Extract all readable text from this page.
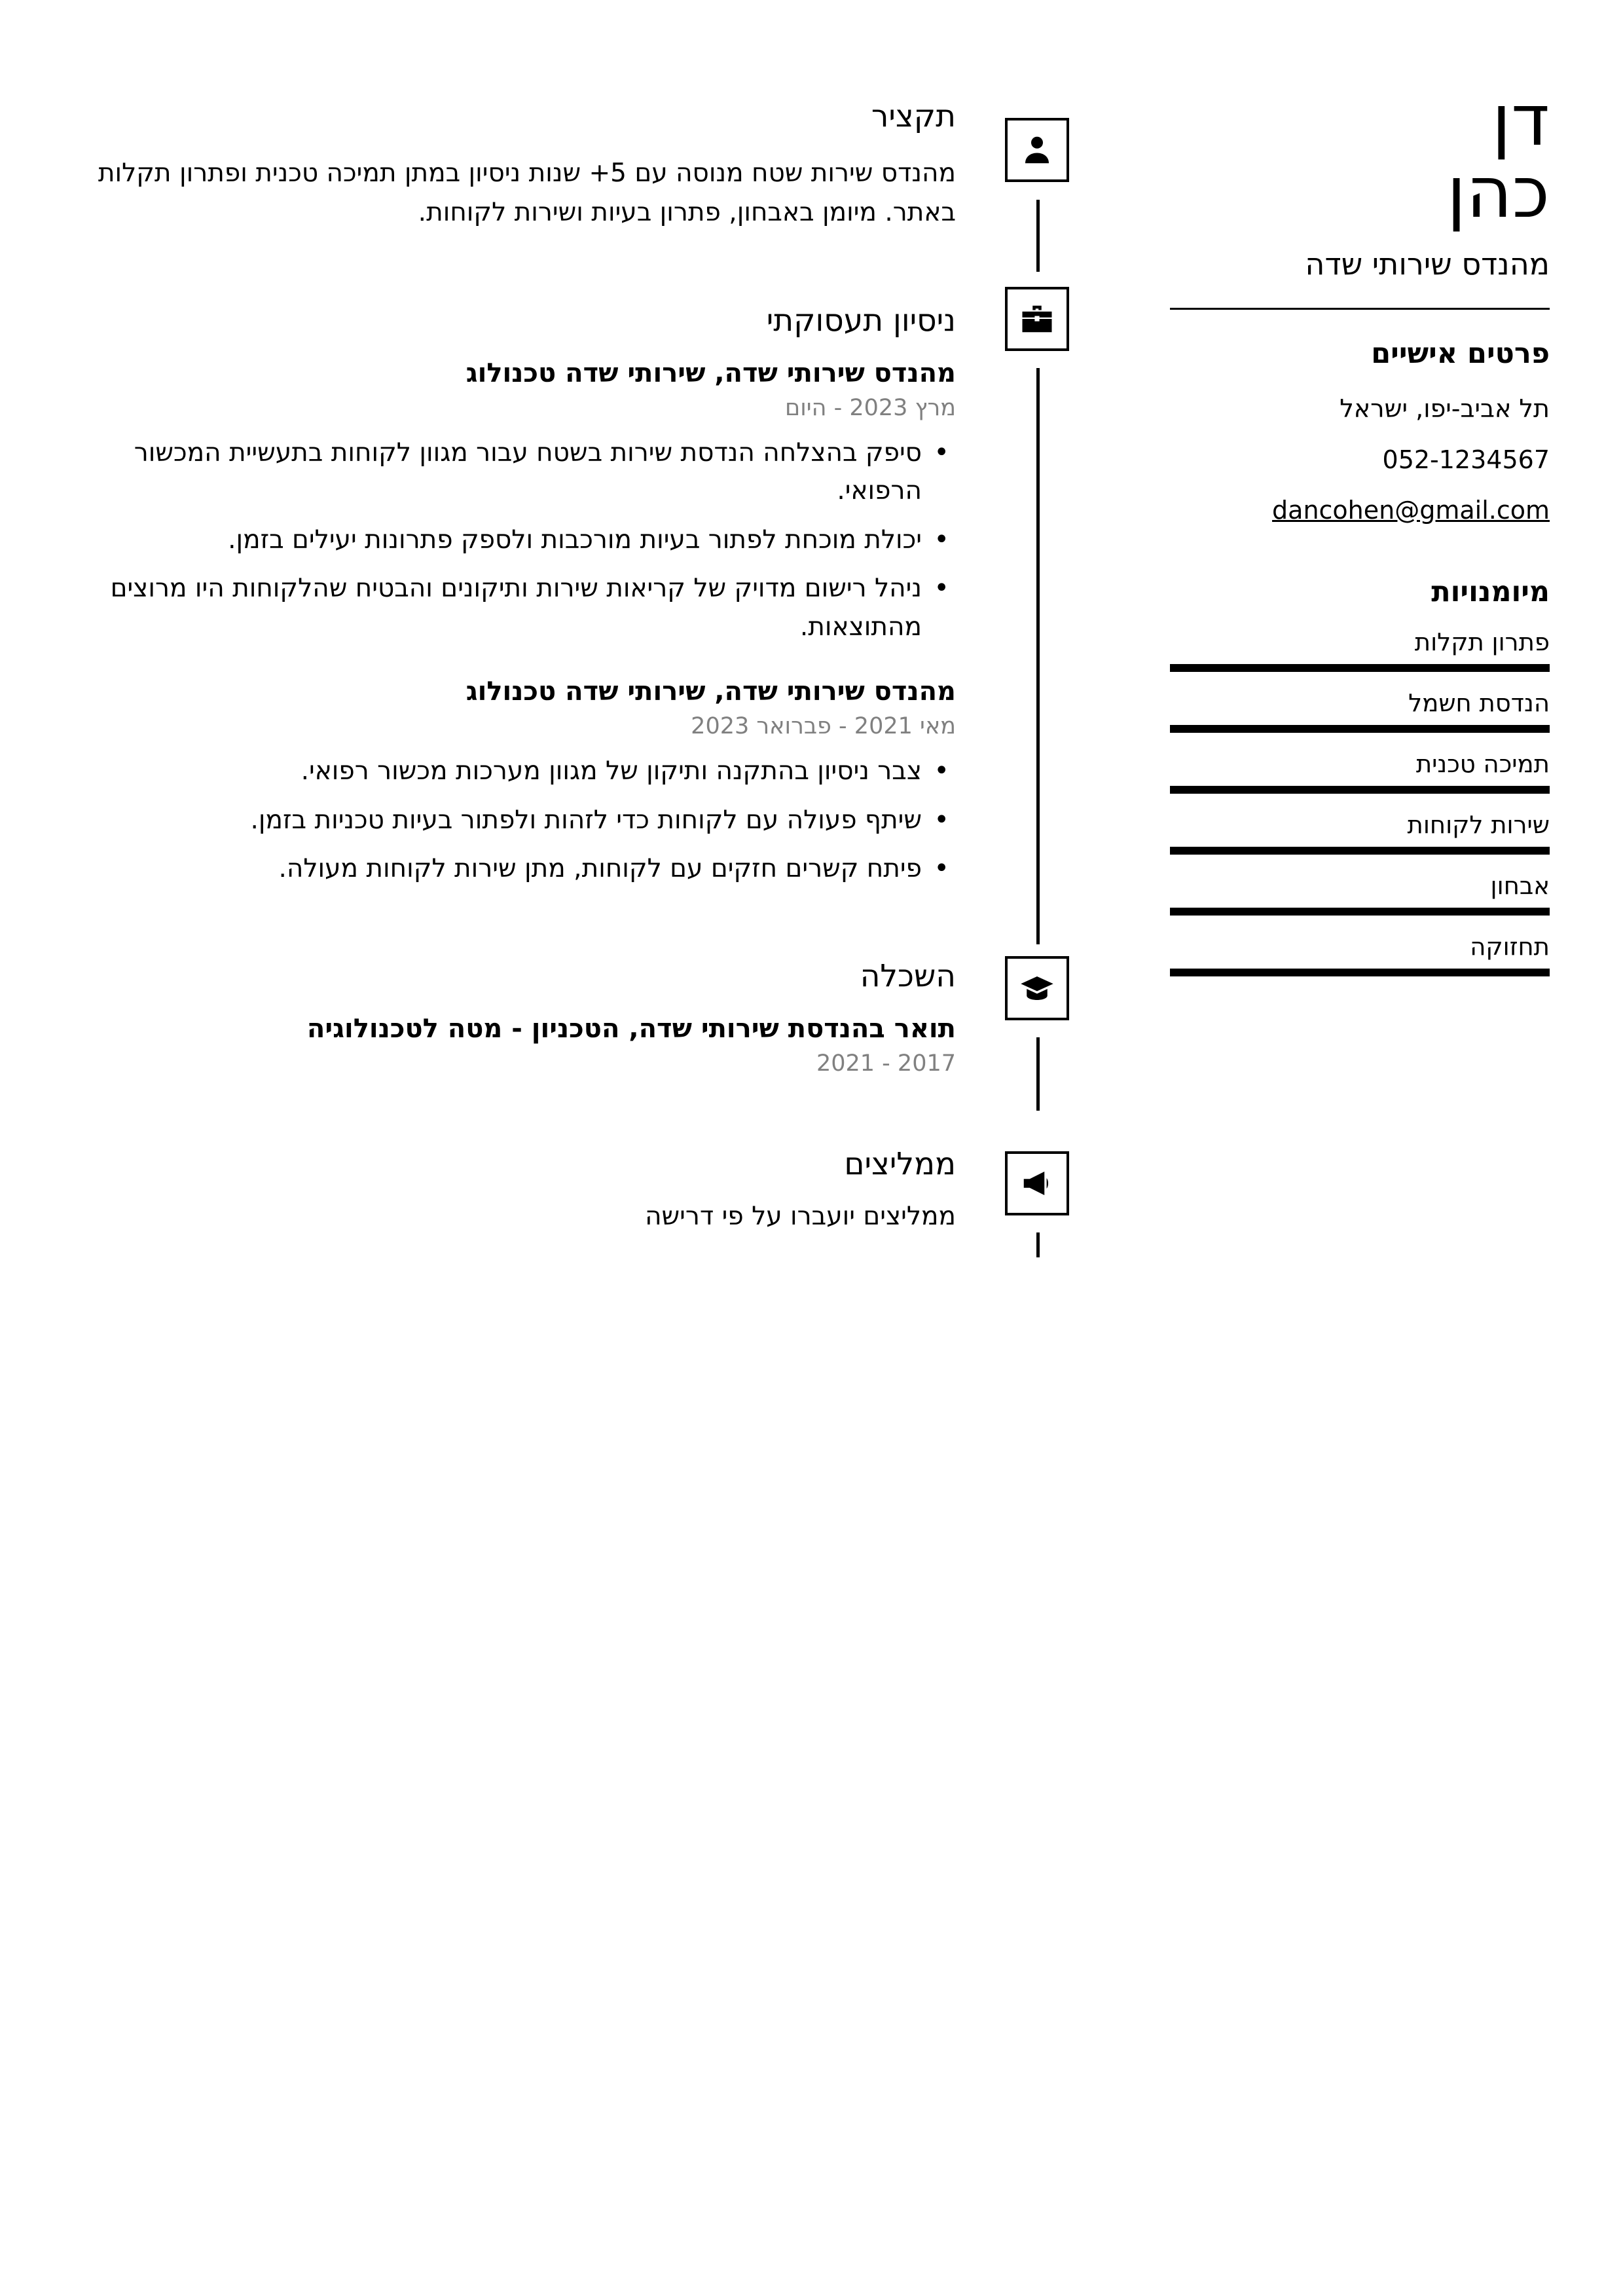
דן
כהן
מהנדס שירותי שדה
פרטים אישיים
תל אביב-יפו, ישראל
052-1234567
dancohen@gmail.com
מיומנויות
פתרון תקלות
הנדסת חשמל
תמיכה טכנית
שירות לקוחות
אבחון
תחזוקה
תקציר
מהנדס שירות שטח מנוסה עם 5+ שנות ניסיון במתן תמיכה טכנית ופתרון תקלות באתר. מיומן באבחון, פתרון בעיות ושירות לקוחות.
ניסיון תעסוקתי
מהנדס שירותי שדה, שירותי שדה טכנולוג
מרץ 2023 - היום
• סיפק בהצלחה הנדסת שירות בשטח עבור מגוון לקוחות בתעשיית המכשור הרפואי.
• יכולת מוכחת לפתור בעיות מורכבות ולספק פתרונות יעילים בזמן.
• ניהל רישום מדויק של קריאות שירות ותיקונים והבטיח שהלקוחות היו מרוצים מהתוצאות.
מהנדס שירותי שדה, שירותי שדה טכנולוג
מאי 2021 - פברואר 2023
• צבר ניסיון בהתקנה ותיקון של מגוון מערכות מכשור רפואי.
• שיתף פעולה עם לקוחות כדי לזהות ולפתור בעיות טכניות בזמן.
• פיתח קשרים חזקים עם לקוחות, מתן שירות לקוחות מעולה.
השכלה
תואר בהנדסת שירותי שדה, הטכניון - מטה לטכנולוגיה
2017 - 2021
ממליצים
ממליצים יועברו על פי דרישה
